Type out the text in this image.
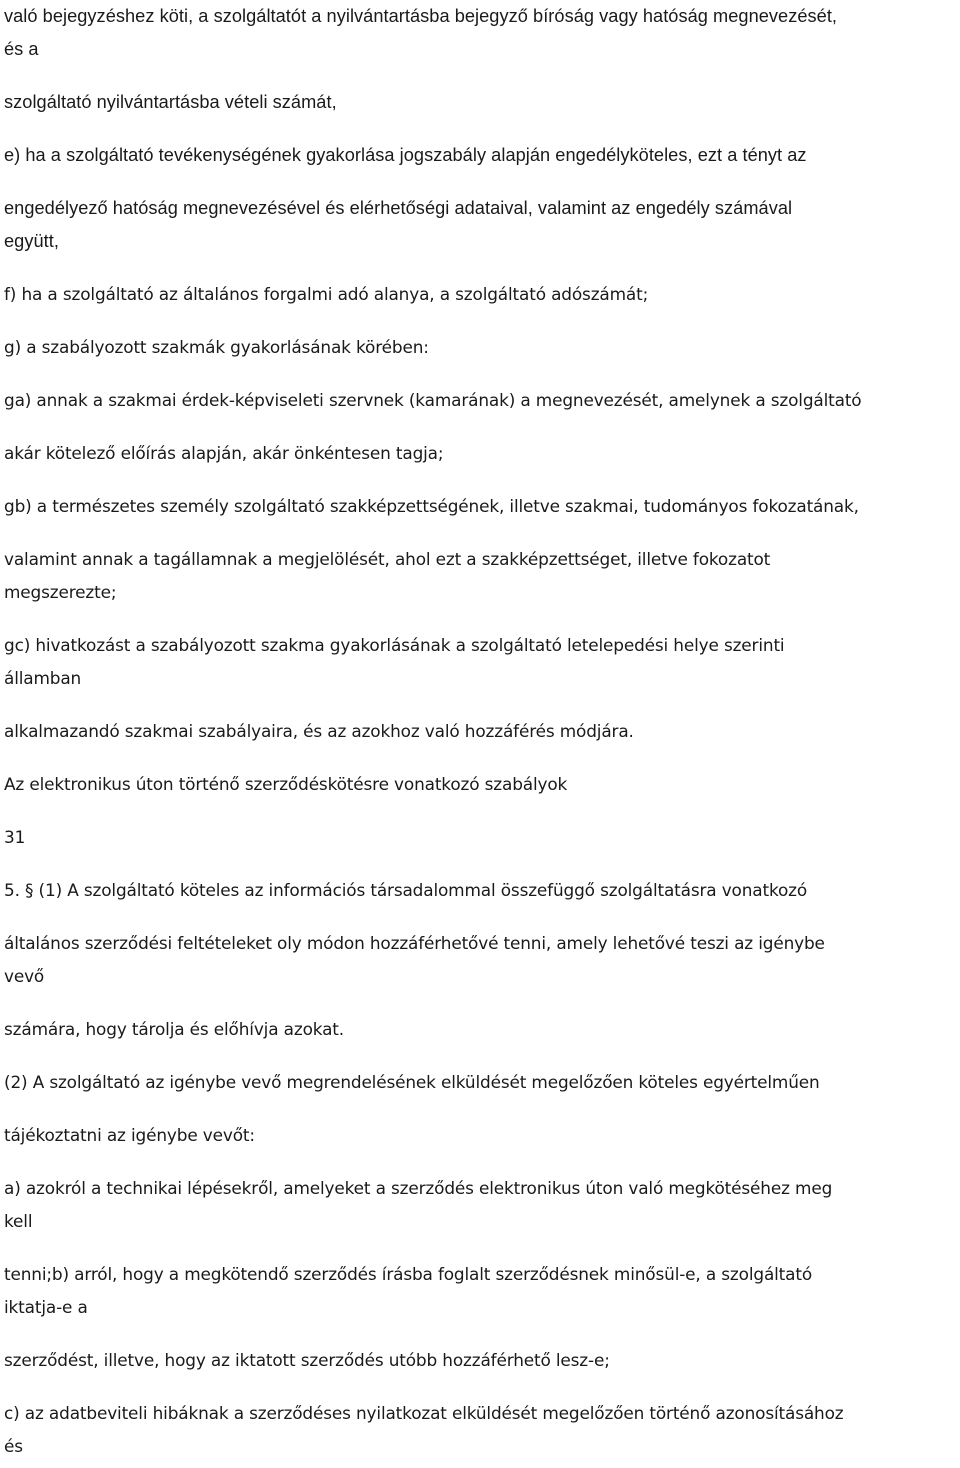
való bejegyzéshez köti, a szolgáltatót a nyilvántartásba bejegyző bíróság vagy hatóság megnevezését,
és a
szolgáltató nyilvántartásba vételi számát,
e) ha a szolgáltató tevékenységének gyakorlása jogszabály alapján engedélyköteles, ezt a tényt az
engedélyező hatóság megnevezésével és elérhetőségi adataival, valamint az engedély számával
együtt,
f) ha a szolgáltató az általános forgalmi adó alanya, a szolgáltató adószámát;
g) a szabályozott szakmák gyakorlásának körében:
ga) annak a szakmai érdek-képviseleti szervnek (kamarának) a megnevezését, amelynek a szolgáltató
akár kötelező előírás alapján, akár önkéntesen tagja;
gb) a természetes személy szolgáltató szakképzettségének, illetve szakmai, tudományos fokozatának,
valamint annak a tagállamnak a megjelölését, ahol ezt a szakképzettséget, illetve fokozatot
megszerezte;
gc) hivatkozást a szabályozott szakma gyakorlásának a szolgáltató letelepedési helye szerinti
államban
alkalmazandó szakmai szabályaira, és az azokhoz való hozzáférés módjára.
Az elektronikus úton történő szerződéskötésre vonatkozó szabályok
31
5. § (1) A szolgáltató köteles az információs társadalommal összefüggő szolgáltatásra vonatkozó
általános szerződési feltételeket oly módon hozzáférhetővé tenni, amely lehetővé teszi az igénybe
vevő
számára, hogy tárolja és előhívja azokat.
(2) A szolgáltató az igénybe vevő megrendelésének elküldését megelőzően köteles egyértelműen
tájékoztatni az igénybe vevőt:
a) azokról a technikai lépésekről, amelyeket a szerződés elektronikus úton való megkötéséhez meg
kell
tenni;b) arról, hogy a megkötendő szerződés írásba foglalt szerződésnek minősül-e, a szolgáltató
iktatja-e a
szerződést, illetve, hogy az iktatott szerződés utóbb hozzáférhető lesz-e;
c) az adatbeviteli hibáknak a szerződéses nyilatkozat elküldését megelőzően történő azonosításához
és
